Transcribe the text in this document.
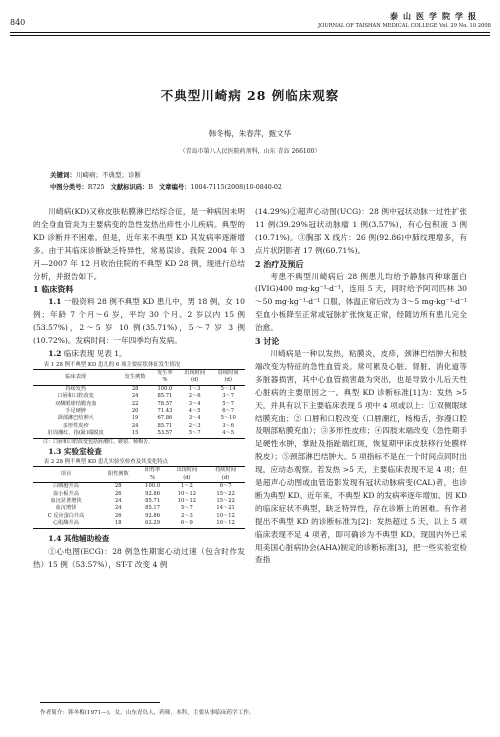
840
泰山医学院学报
JOURNAL OF TAISHAN MEDICAL COLLEGE Vol. 29 No. 10 2008
不典型川崎病 28 例临床观察
韩冬梅，朱春萍，甄文华
（青岛市第八人民医院药剂科，山东 青岛 266100）
关键词：川崎病；不典型；诊断
中图分类号：R725 文献标识码：B 文章编号：1004-7115(2008)10-0840-02

川崎病(KD)又称皮肤粘膜淋巴结综合征，是一种病因未明的全身血管炎为主要病变的急性发热出疹性小儿疾病。典型的 KD 诊断并不困难。但是，近年来不典型 KD 其发病率逐渐增多。由于其临床诊断缺乏特异性，常易误诊。我院 2004 年 3 月—2007 年 12 月收治住院的不典型 KD 28 例，现进行总结分析，并报告如下。

1 临床资料

1.1 一般资料 28 例不典型 KD 患儿中，男 18 例，女 10 例；年龄 7 个月～6 岁，平均 30 个月。2 岁以内 15 例(53.57%)，2～5 岁 10 例(35.71%)，5～7 岁 3 例(10.72%)。发病时间：一年四季均有发病。

1.2 临床表现 见表 1。

表 1 28 例不典型 KD 患儿的 6 项主要症状体征发生情况

临床表现	发生例数	发生率	出现时间	持续时间
		%	(d)	(d)
持续发热	28	100.0	1～3	5～14
口唇和口腔改变	24	85.71	2～6	3～7
双侧眼球结膜充血	22	78.57	3～4	5～7
手足硬肿	20	71.43	4～5	6～7
颈部淋巴结肿大	19	67.86	3～4	5～10
多形性皮疹	24	85.71	2～3	3～6
肛周潮红、指(趾)端脱皮	15	53.57	5～7	4～5

注：口唇和口腔改变包括唇潮红、皲裂、杨梅舌。

1.3 实验室检查

表 2 28 例不典型 KD 患儿实验室检查及其变化特点

项目	阳性例数	阳性率	出现时间	持续时间
		%	(d)	(d)
白细胞升高	28	100.0	1～2	6～7
血小板升高	26	92.86	10～12	15～22
血沉显著增快	24	85.71	10～12	15～22
血沉增快	24	85.17	5～7	14～21
C 反应蛋白升高	26	92.86	2～3	10～12
心肌酶升高	18	62.29	6～9	10～12

1.4 其他辅助检查

①心电图(ECG)：28 例急性期窦心动过速（包含时作发热）15 例（53.57%），ST-T 改变 4 例

(14.29%)②超声心动图(UCG)：28 例中冠状动脉一过性扩张 11 例(39.29%冠状动脉瘤 1 例(3.57%)，有心包积液 3 例(10.71%)。③胸部 X 线片：26 例(92.86)中肺纹理增多，有点片状阴影者 17 例(60.71%)。

2 治疗及预后

考患不典型川崎病后 28 例患儿均给予静脉丙种球蛋白(IVIG)400 mg·kg⁻¹·d⁻¹，连用 5 天，同时给予阿司匹林 30～50 mg·kg⁻¹·d⁻¹ 口服，体温正常后改为 3～5 mg·kg⁻¹·d⁻¹ 至血小板降至正常或冠脉扩张恢复正常，经随访所有患儿完全治愈。

3 讨论

川崎病是一种以发热，粘膜炎，皮疹，颈淋巴结肿大和肢端改变为特征的急性血管炎。常可累及心脏、肾脏、消化道等多脏器损害，其中心血管损害最为突出，也是导致小儿后天性心脏病的主要原因之一。典型 KD 诊断标准[1]为：发热 >5 天，并具有以下主要临床表现 5 项中 4 项或以上：①双侧眼球结膜充血；② 口唇和口腔改变（口唇潮红，杨梅舌，弥漫口腔及咽部粘膜充血）；③多形性皮疹；④四肢末端改变（急性期手足硬性水肿，掌趾及指趾端红斑，恢复期甲床皮肤移行处膜样脱皮）；⑤颈部淋巴结肿大。5 项指标不是在一个时间点同时出现，应动态观察。若发热 >5 天，主要临床表现不足 4 项；但是超声心动图或血管造影发现有冠状动脉病变(CAL)者，也诊断为典型 KD。近年来，不典型 KD 的发病率逐年增加。因 KD 的临床症状不典型，缺乏特异性，存在诊断上的困难。有作者提出不典型 KD 的诊断标准为[2]：发热超过 5 天，以上 5 项临床表现不足 4 项者，即可确诊为不典型 KD。现国内外已采用美国心脏病协会(AHA)制定的诊断标准[3]，把一些实验室检查指

作者简介：韩冬梅(1971—)，女，山东青岛人，药师，本科，主要从事临床药学工作。
